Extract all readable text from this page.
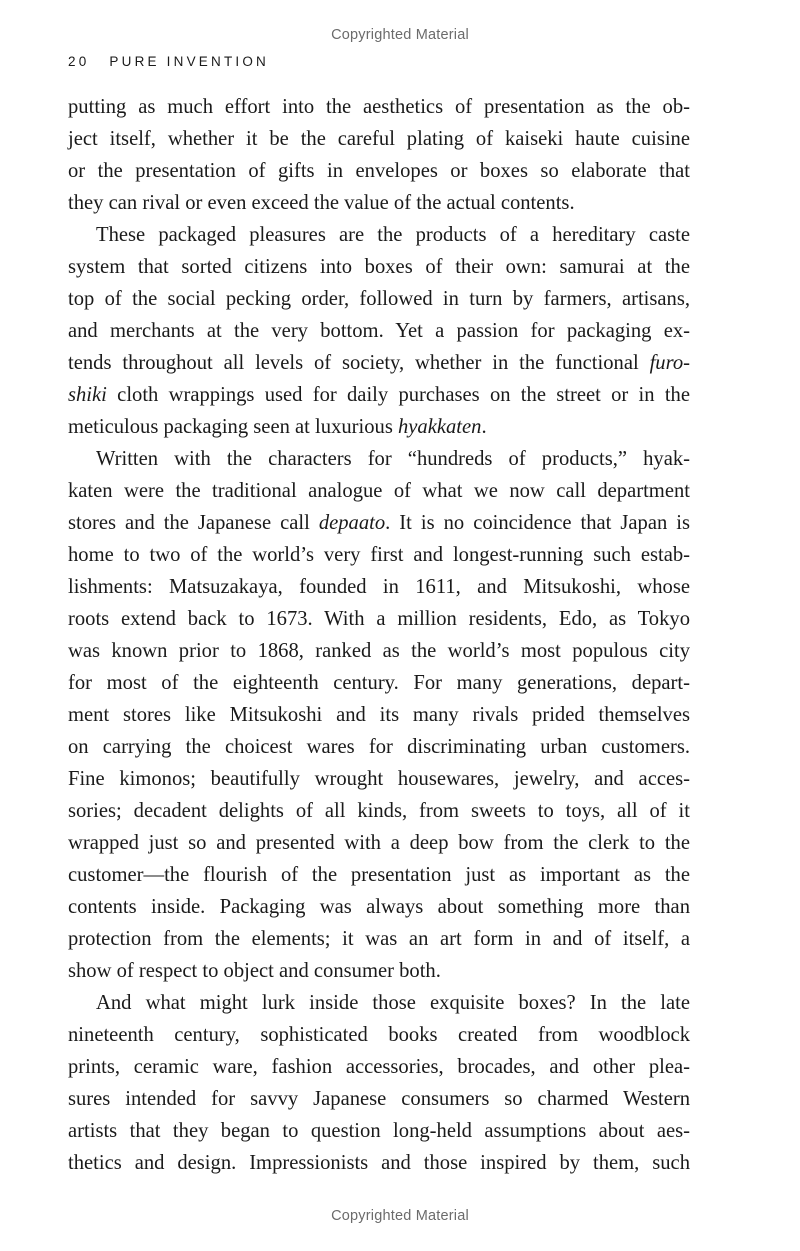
Copyrighted Material
20 PURE INVENTION
putting as much effort into the aesthetics of presentation as the ob-
ject itself, whether it be the careful plating of kaiseki haute cuisine
or the presentation of gifts in envelopes or boxes so elaborate that
they can rival or even exceed the value of the actual contents.
These packaged pleasures are the products of a hereditary caste
system that sorted citizens into boxes of their own: samurai at the
top of the social pecking order, followed in turn by farmers, artisans,
and merchants at the very bottom. Yet a passion for packaging ex-
tends throughout all levels of society, whether in the functional furo-
shiki cloth wrappings used for daily purchases on the street or in the
meticulous packaging seen at luxurious hyakkaten.
Written with the characters for “hundreds of products,” hyak-
katen were the traditional analogue of what we now call department
stores and the Japanese call depaato. It is no coincidence that Japan is
home to two of the world’s very first and longest-running such estab-
lishments: Matsuzakaya, founded in 1611, and Mitsukoshi, whose
roots extend back to 1673. With a million residents, Edo, as Tokyo
was known prior to 1868, ranked as the world’s most populous city
for most of the eighteenth century. For many generations, depart-
ment stores like Mitsukoshi and its many rivals prided themselves
on carrying the choicest wares for discriminating urban customers.
Fine kimonos; beautifully wrought housewares, jewelry, and acces-
sories; decadent delights of all kinds, from sweets to toys, all of it
wrapped just so and presented with a deep bow from the clerk to the
customer—the flourish of the presentation just as important as the
contents inside. Packaging was always about something more than
protection from the elements; it was an art form in and of itself, a
show of respect to object and consumer both.
And what might lurk inside those exquisite boxes? In the late
nineteenth century, sophisticated books created from woodblock
prints, ceramic ware, fashion accessories, brocades, and other plea-
sures intended for savvy Japanese consumers so charmed Western
artists that they began to question long-held assumptions about aes-
thetics and design. Impressionists and those inspired by them, such
Copyrighted Material
